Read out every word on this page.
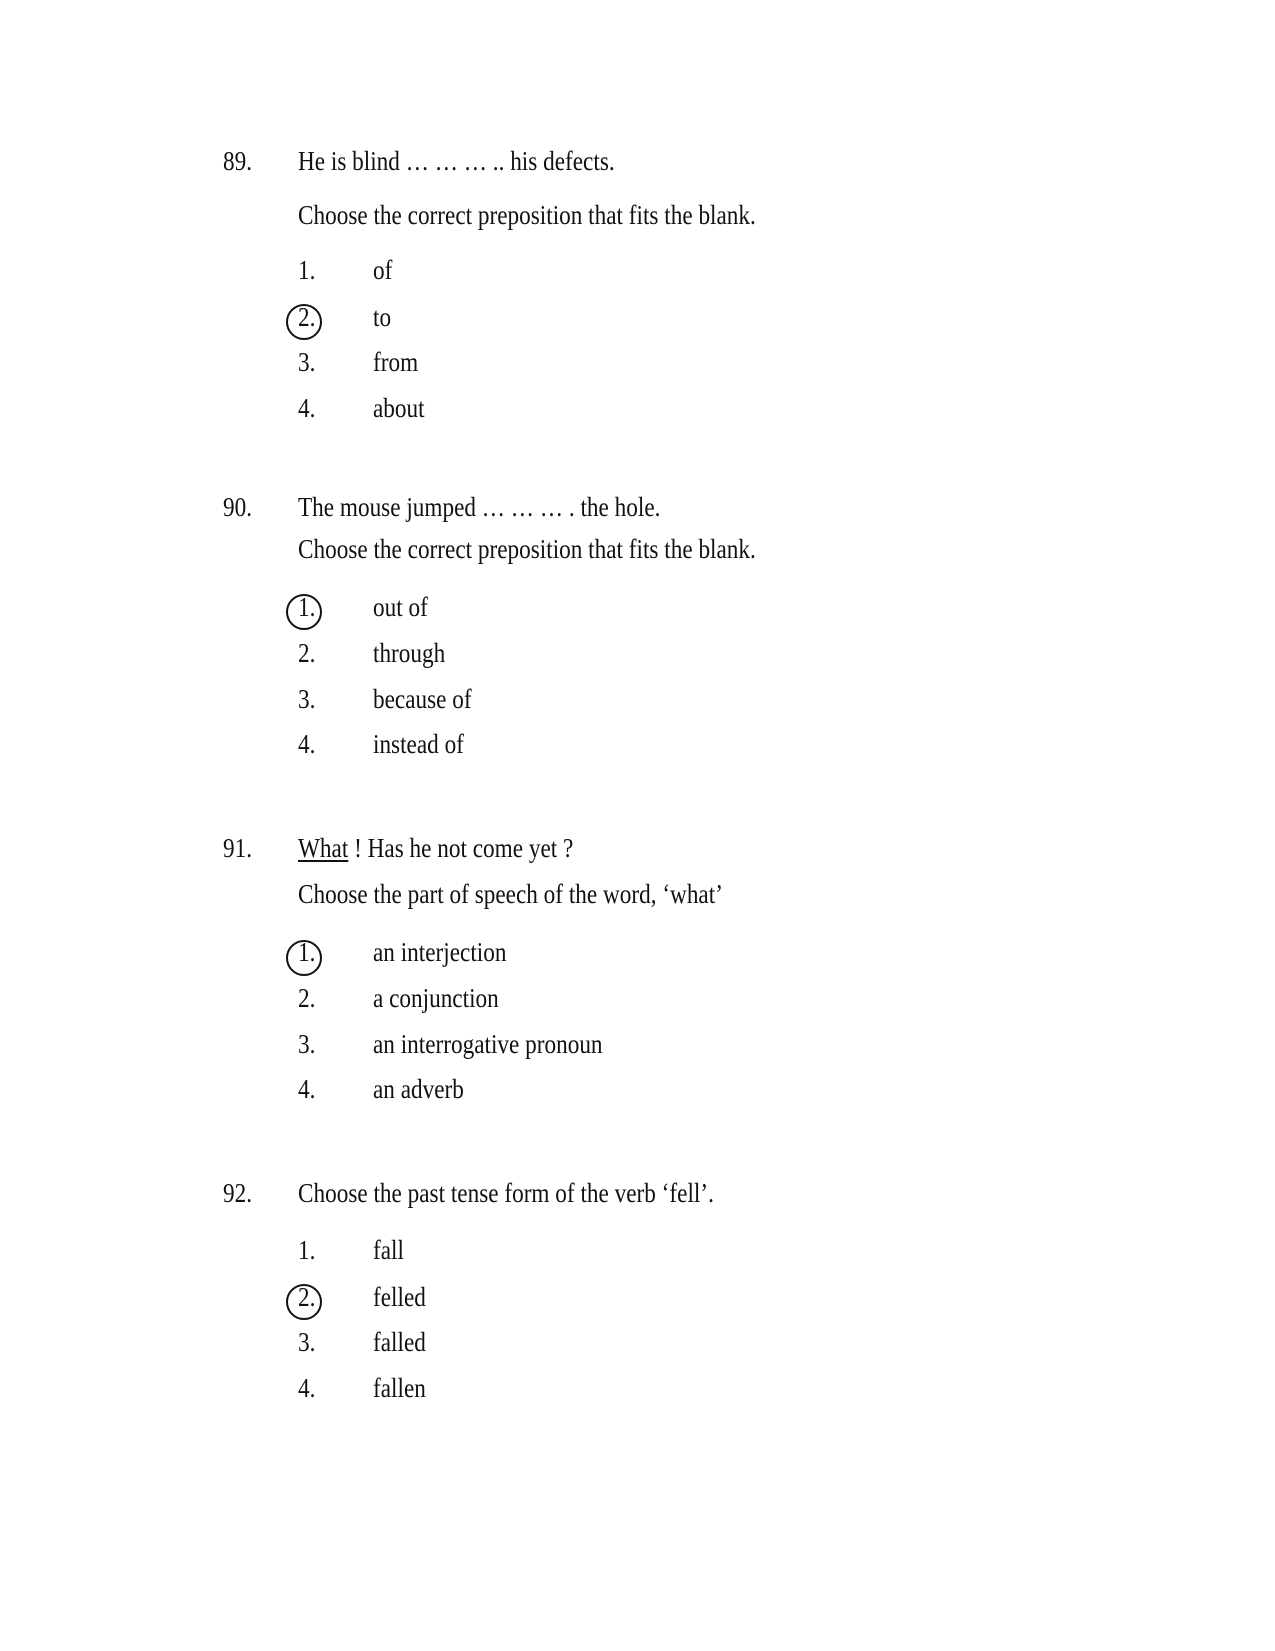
89. He is blind … … … .. his defects.
Choose the correct preposition that fits the blank.
1. of
2. to
3. from
4. about
90. The mouse jumped … … … . the hole.
Choose the correct preposition that fits the blank.
1. out of
2. through
3. because of
4. instead of
91. What ! Has he not come yet ?
Choose the part of speech of the word, ‘what’
1. an interjection
2. a conjunction
3. an interrogative pronoun
4. an adverb
92. Choose the past tense form of the verb ‘fell’.
1. fall
2. felled
3. falled
4. fallen
